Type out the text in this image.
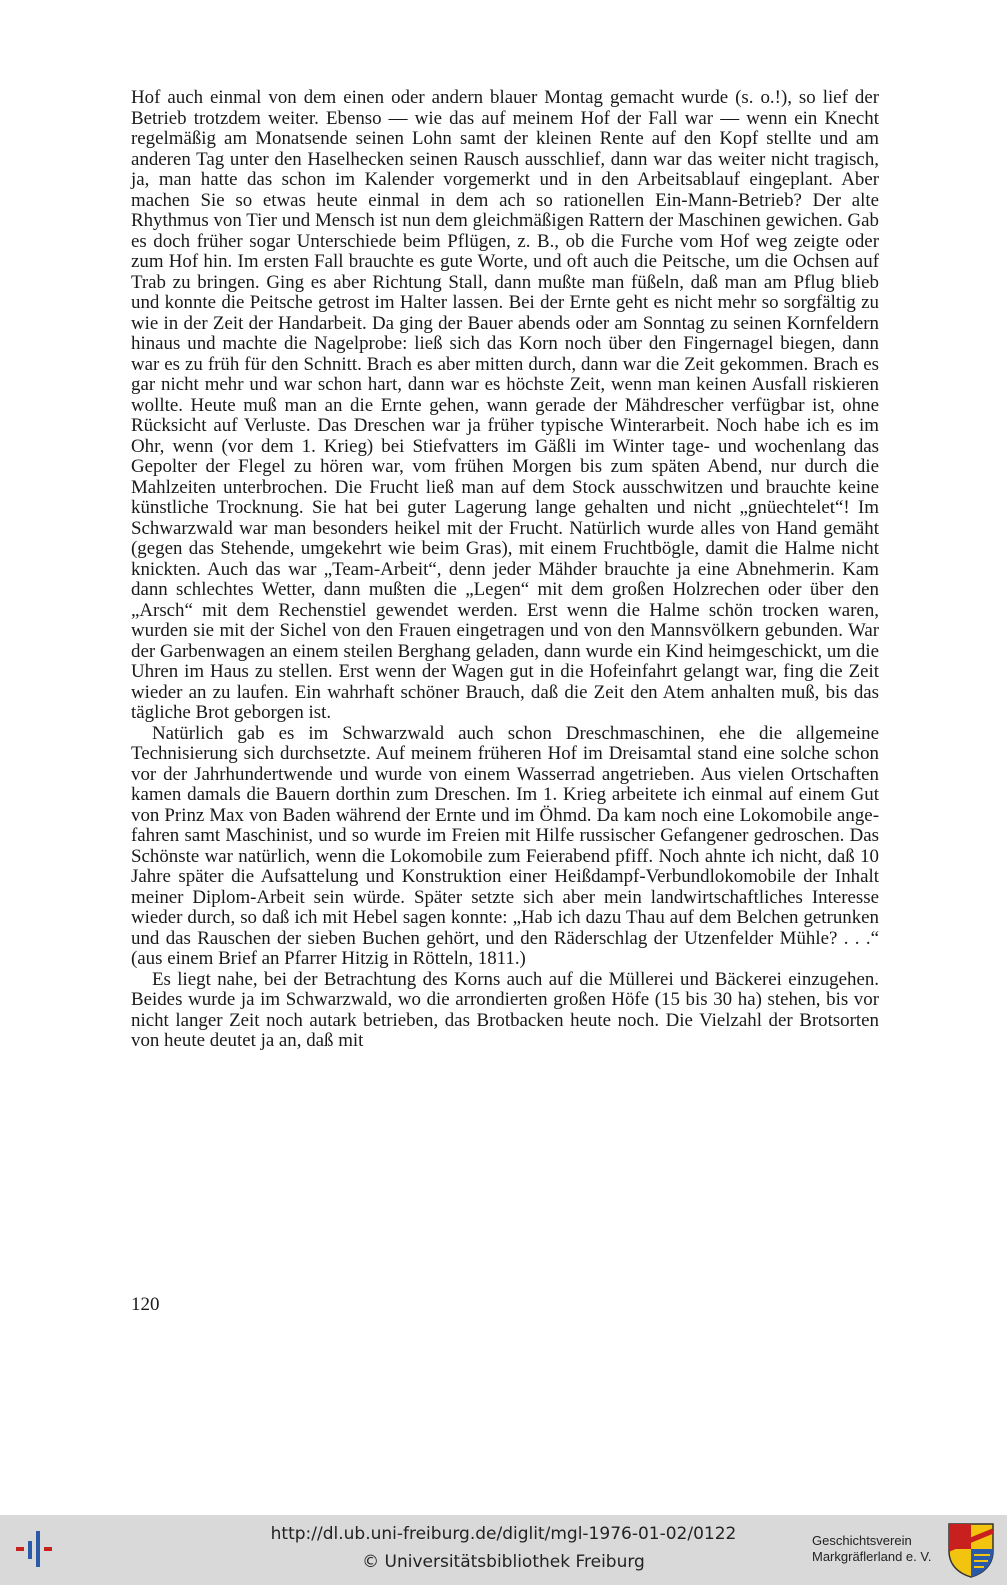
Hof auch einmal von dem einen oder andern blauer Montag gemacht wurde (s. o.!), so lief der Betrieb trotzdem weiter. Ebenso — wie das auf meinem Hof der Fall war — wenn ein Knecht regelmäßig am Monatsende seinen Lohn samt der kleinen Rente auf den Kopf stellte und am anderen Tag unter den Haselhecken seinen Rausch ausschlief, dann war das weiter nicht tragisch, ja, man hatte das schon im Kalender vorgemerkt und in den Arbeitsablauf eingeplant. Aber machen Sie so etwas heute einmal in dem ach so rationellen Ein-Mann-Betrieb? Der alte Rhythmus von Tier und Mensch ist nun dem gleichmäßigen Rattern der Maschinen gewichen. Gab es doch früher sogar Unterschiede beim Pflügen, z. B., ob die Furche vom Hof weg zeigte oder zum Hof hin. Im ersten Fall brauchte es gute Worte, und oft auch die Peitsche, um die Ochsen auf Trab zu bringen. Ging es aber Richtung Stall, dann mußte man füßeln, daß man am Pflug blieb und konnte die Peitsche getrost im Halter lassen. Bei der Ernte geht es nicht mehr so sorgfältig zu wie in der Zeit der Handarbeit. Da ging der Bauer abends oder am Sonntag zu seinen Kornfeldern hinaus und machte die Nagelprobe: ließ sich das Korn noch über den Fingernagel biegen, dann war es zu früh für den Schnitt. Brach es aber mitten durch, dann war die Zeit gekommen. Brach es gar nicht mehr und war schon hart, dann war es höchste Zeit, wenn man keinen Ausfall riskieren wollte. Heute muß man an die Ernte gehen, wann gerade der Mähdrescher verfügbar ist, ohne Rücksicht auf Verluste. Das Dreschen war ja früher typische Winterarbeit. Noch habe ich es im Ohr, wenn (vor dem 1. Krieg) bei Stiefvatters im Gäßli im Winter tage- und wochenlang das Gepolter der Flegel zu hören war, vom frühen Morgen bis zum späten Abend, nur durch die Mahlzeiten unterbrochen. Die Frucht ließ man auf dem Stock ausschwitzen und brauchte keine künstliche Trocknung. Sie hat bei guter Lagerung lange gehalten und nicht „gnüechtelet“! Im Schwarzwald war man besonders heikel mit der Frucht. Natürlich wurde alles von Hand gemäht (gegen das Stehende, umgekehrt wie beim Gras), mit einem Fruchtbögle, damit die Halme nicht knickten. Auch das war „Team-Arbeit“, denn jeder Mähder brauchte ja eine Abnehmerin. Kam dann schlechtes Wetter, dann mußten die „Legen“ mit dem großen Holzrechen oder über den „Arsch“ mit dem Rechenstiel gewendet werden. Erst wenn die Halme schön trocken waren, wurden sie mit der Sichel von den Frauen eingetragen und von den Mannsvölkern gebunden. War der Garbenwagen an einem steilen Berghang geladen, dann wurde ein Kind heimgeschickt, um die Uhren im Haus zu stellen. Erst wenn der Wagen gut in die Hofeinfahrt gelangt war, fing die Zeit wieder an zu laufen. Ein wahrhaft schöner Brauch, daß die Zeit den Atem anhalten muß, bis das tägliche Brot geborgen ist.

Natürlich gab es im Schwarzwald auch schon Dreschmaschinen, ehe die allgemeine Technisierung sich durchsetzte. Auf meinem früheren Hof im Dreisamtal stand eine solche schon vor der Jahrhundertwende und wurde von einem Wasserrad angetrieben. Aus vielen Ortschaften kamen damals die Bauern dorthin zum Dreschen. Im 1. Krieg arbeitete ich einmal auf einem Gut von Prinz Max von Baden während der Ernte und im Öhmd. Da kam noch eine Lokomobile angefahren samt Maschinist, und so wurde im Freien mit Hilfe russischer Gefangener gedroschen. Das Schönste war natürlich, wenn die Lokomobile zum Feierabend pfiff. Noch ahnte ich nicht, daß 10 Jahre später die Aufsattelung und Konstruktion einer Heißdampf-Verbundlokomobile der Inhalt meiner Diplom-Arbeit sein würde. Später setzte sich aber mein landwirtschaftliches Interesse wieder durch, so daß ich mit Hebel sagen konnte: „Hab ich dazu Thau auf dem Belchen getrunken und das Rauschen der sieben Buchen gehört, und den Räderschlag der Utzenfelder Mühle? . . .“ (aus einem Brief an Pfarrer Hitzig in Rötteln, 1811.)

Es liegt nahe, bei der Betrachtung des Korns auch auf die Müllerei und Bäckerei einzugehen. Beides wurde ja im Schwarzwald, wo die arrondierten großen Höfe (15 bis 30 ha) stehen, bis vor nicht langer Zeit noch autark betrieben, das Brotbacken heute noch. Die Vielzahl der Brotsorten von heute deutet ja an, daß mit

120
http://dl.ub.uni-freiburg.de/diglit/mgl-1976-01-02/0122
© Universitätsbibliothek Freiburg
Geschichtsverein
Markgräflerland e. V.
